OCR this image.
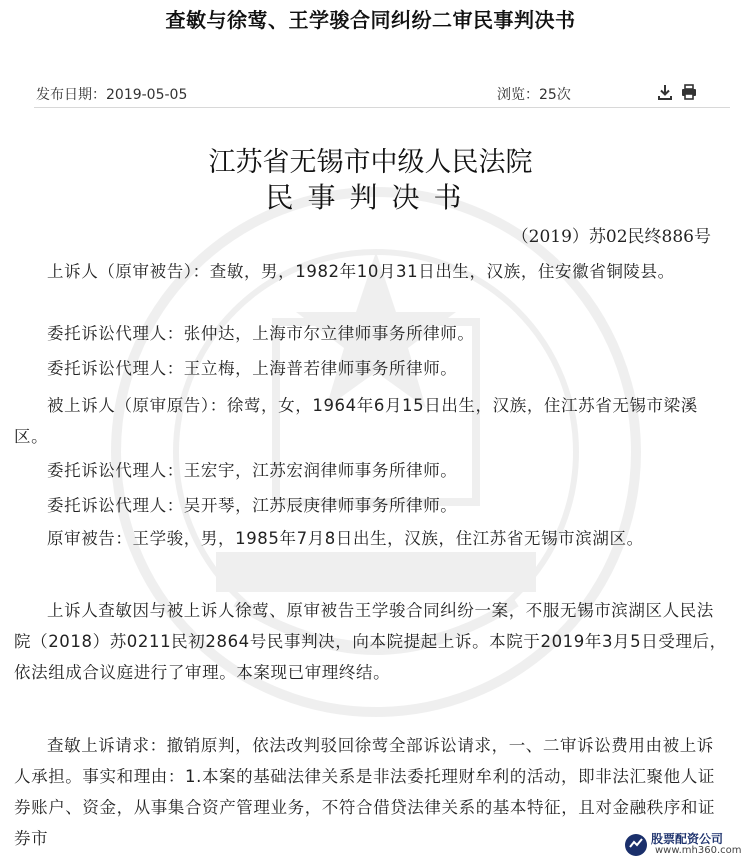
查敏与徐莺、王学骏合同纠纷二审民事判决书
发布日期：2019-05-05	浏览：25次
江苏省无锡市中级人民法院
民事判决书
（2019）苏02民终886号
上诉人（原审被告）：查敏，男，1982年10月31日出生，汉族，住安徽省铜陵县。
委托诉讼代理人：张仲达，上海市尔立律师事务所律师。
委托诉讼代理人：王立梅，上海普若律师事务所律师。
被上诉人（原审原告）：徐莺，女，1964年6月15日出生，汉族，住江苏省无锡市梁溪区。
委托诉讼代理人：王宏宇，江苏宏润律师事务所律师。
委托诉讼代理人：吴开琴，江苏辰庚律师事务所律师。
原审被告：王学骏，男，1985年7月8日出生，汉族，住江苏省无锡市滨湖区。
上诉人查敏因与被上诉人徐莺、原审被告王学骏合同纠纷一案，不服无锡市滨湖区人民法院（2018）苏0211民初2864号民事判决，向本院提起上诉。本院于2019年3月5日受理后，依法组成合议庭进行了审理。本案现已审理终结。
查敏上诉请求：撤销原判，依法改判驳回徐莺全部诉讼请求，一、二审诉讼费用由被上诉人承担。事实和理由：1.本案的基础法律关系是非法委托理财牟利的活动，即非法汇聚他人证券账户、资金，从事集合资产管理业务，不符合借贷法律关系的基本特征，且对金融秩序和证券市	股票配资公司
www.mh360.com
